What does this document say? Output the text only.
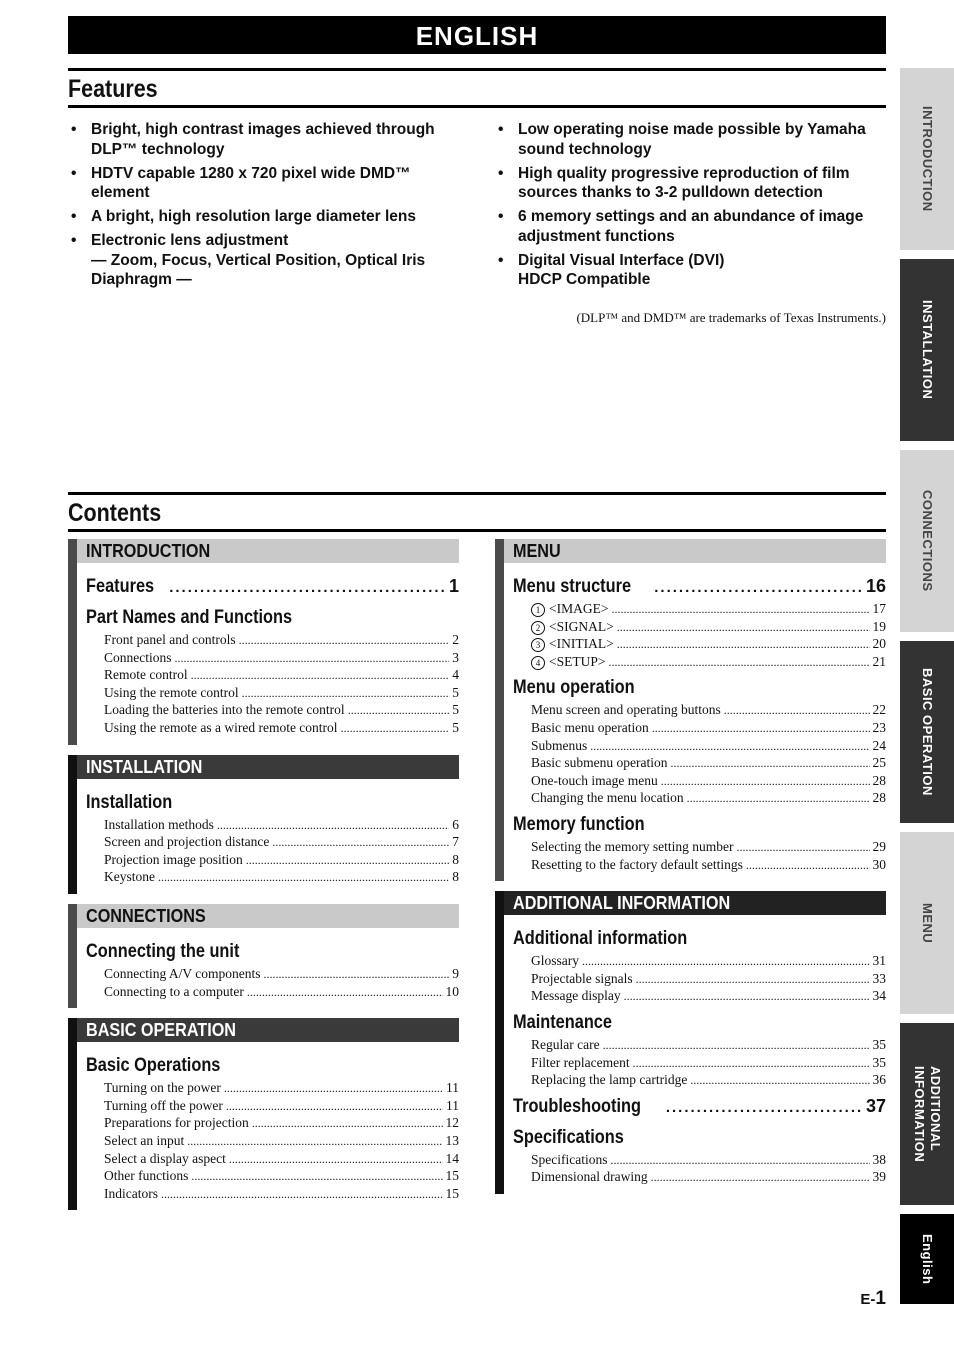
ENGLISH
Features
• Bright, high contrast images achieved through
DLP™ technology
• HDTV capable 1280 x 720 pixel wide DMD™
element
• A bright, high resolution large diameter lens
• Electronic lens adjustment
— Zoom, Focus, Vertical Position, Optical Iris
Diaphragm —
• Low operating noise made possible by Yamaha
sound technology
• High quality progressive reproduction of film
sources thanks to 3-2 pulldown detection
• 6 memory settings and an abundance of image
adjustment functions
• Digital Visual Interface (DVI)
HDCP Compatible
(DLP™ and DMD™ are trademarks of Texas Instruments.)
Contents
INTRODUCTION
Features .....	1
Part Names and Functions
Front panel and controls .....	2
Connections .....	3
Remote control .....	4
Using the remote control .....	5
Loading the batteries into the remote control .....	5
Using the remote as a wired remote control .....	5
INSTALLATION
Installation
Installation methods .....	6
Screen and projection distance .....	7
Projection image position .....	8
Keystone .....	8
CONNECTIONS
Connecting the unit
Connecting A/V components .....	9
Connecting to a computer .....	10
BASIC OPERATION
Basic Operations
Turning on the power .....	11
Turning off the power .....	11
Preparations for projection .....	12
Select an input .....	13
Select a display aspect .....	14
Other functions .....	15
Indicators .....	15
MENU
Menu structure .....	16
1 <IMAGE> .....	17
2 <SIGNAL> .....	19
3 <INITIAL> .....	20
4 <SETUP> .....	21
Menu operation
Menu screen and operating buttons .....	22
Basic menu operation .....	23
Submenus .....	24
Basic submenu operation .....	25
One-touch image menu .....	28
Changing the menu location .....	28
Memory function
Selecting the memory setting number .....	29
Resetting to the factory default settings .....	30
ADDITIONAL INFORMATION
Additional information
Glossary .....	31
Projectable signals .....	33
Message display .....	34
Maintenance
Regular care .....	35
Filter replacement .....	35
Replacing the lamp cartridge .....	36
Troubleshooting .....	37
Specifications
Specifications .....	38
Dimensional drawing .....	39
INTRODUCTION
INSTALLATION
CONNECTIONS
BASIC OPERATION
MENU
ADDITIONAL
INFORMATION
English
E-1
